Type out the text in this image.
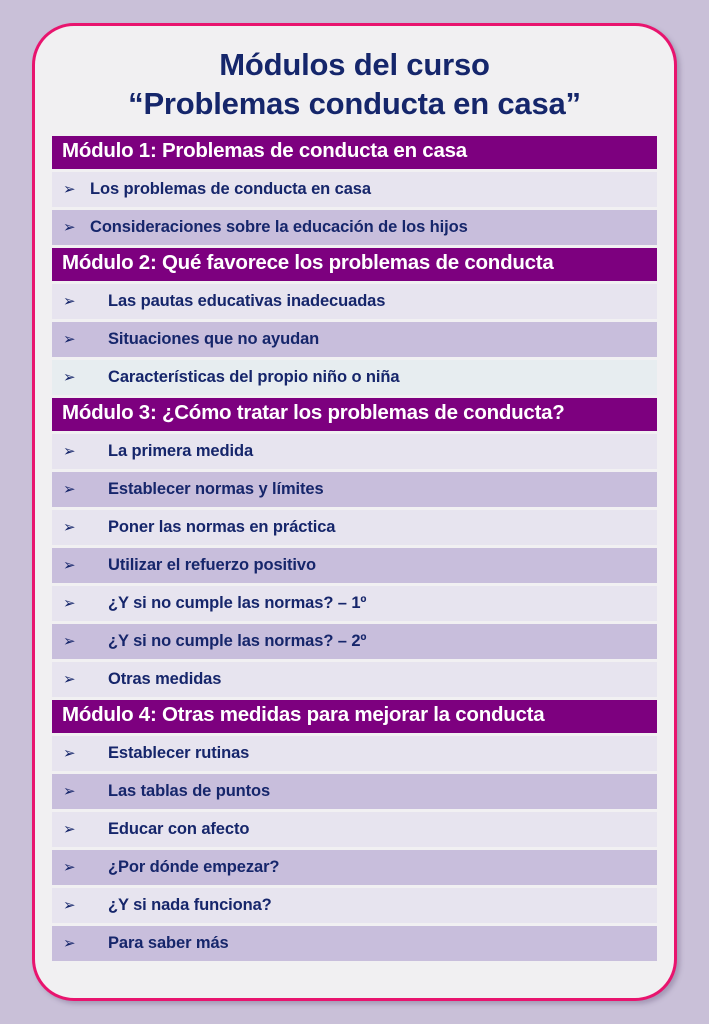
Módulos del curso
“Problemas conducta en casa”
Módulo 1: Problemas de conducta en casa
➢ Los problemas de conducta en casa
➢ Consideraciones sobre la educación de los hijos
Módulo 2: Qué favorece los problemas de conducta
➢ Las pautas educativas inadecuadas
➢ Situaciones que no ayudan
➢ Características del propio niño o niña
Módulo 3: ¿Cómo tratar los problemas de conducta?
➢ La primera medida
➢ Establecer normas y límites
➢ Poner las normas en práctica
➢ Utilizar el refuerzo positivo
➢ ¿Y si no cumple las normas? – 1º
➢ ¿Y si no cumple las normas? – 2º
➢ Otras medidas
Módulo 4: Otras medidas para mejorar la conducta
➢ Establecer rutinas
➢ Las tablas de puntos
➢ Educar con afecto
➢ ¿Por dónde empezar?
➢ ¿Y si nada funciona?
➢ Para saber más
